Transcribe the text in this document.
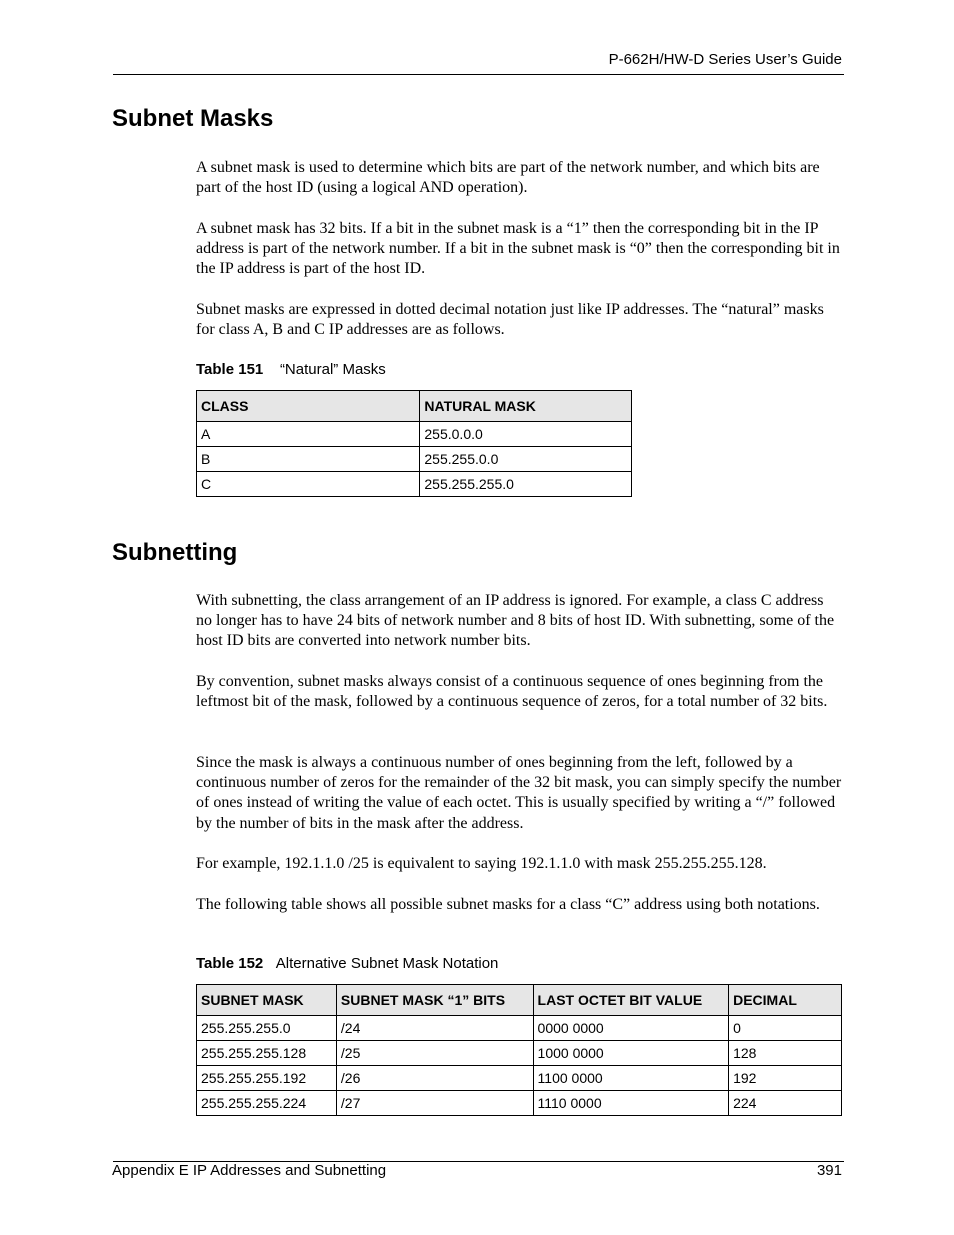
P-662H/HW-D Series User’s Guide
Subnet Masks

A subnet mask is used to determine which bits are part of the network number, and which bits are part of the host ID (using a logical AND operation).

A subnet mask has 32 bits. If a bit in the subnet mask is a “1” then the corresponding bit in the IP address is part of the network number. If a bit in the subnet mask is “0” then the corresponding bit in the IP address is part of the host ID.

Subnet masks are expressed in dotted decimal notation just like IP addresses. The “natural” masks for class A, B and C IP addresses are as follows.

Table 151 “Natural” Masks

CLASS	NATURAL MASK
A	255.0.0.0
B	255.255.0.0
C	255.255.255.0
Subnetting

With subnetting, the class arrangement of an IP address is ignored. For example, a class C address no longer has to have 24 bits of network number and 8 bits of host ID. With subnetting, some of the host ID bits are converted into network number bits.

By convention, subnet masks always consist of a continuous sequence of ones beginning from the leftmost bit of the mask, followed by a continuous sequence of zeros, for a total number of 32 bits.

Since the mask is always a continuous number of ones beginning from the left, followed by a continuous number of zeros for the remainder of the 32 bit mask, you can simply specify the number of ones instead of writing the value of each octet. This is usually specified by writing a “/” followed by the number of bits in the mask after the address.

For example, 192.1.1.0 /25 is equivalent to saying 192.1.1.0 with mask 255.255.255.128.

The following table shows all possible subnet masks for a class “C” address using both notations.

Table 152 Alternative Subnet Mask Notation

SUBNET MASK	SUBNET MASK “1” BITS	LAST OCTET BIT VALUE	DECIMAL
255.255.255.0	/24	0000 0000	0
255.255.255.128	/25	1000 0000	128
255.255.255.192	/26	1100 0000	192
255.255.255.224	/27	1110 0000	224
Appendix E IP Addresses and Subnetting	391
